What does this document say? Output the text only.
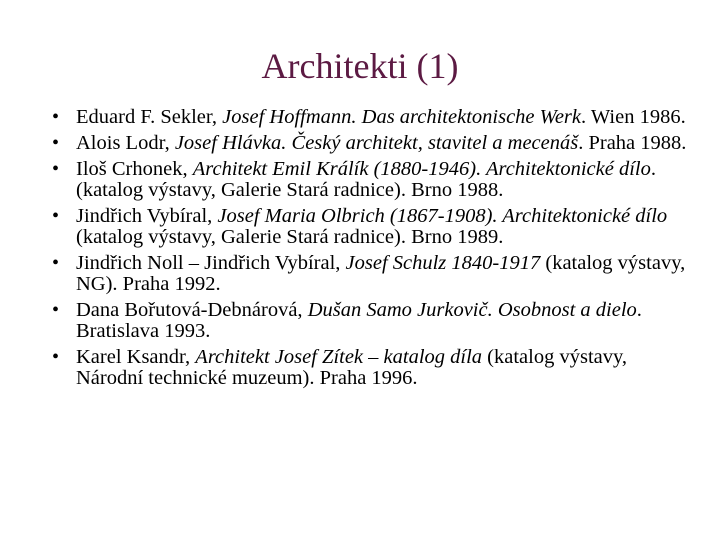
Architekti (1)
• Eduard F. Sekler, Josef Hoffmann. Das architektonische Werk. Wien 1986.
• Alois Lodr, Josef Hlávka. Český architekt, stavitel a mecenáš. Praha 1988.
• Iloš Crhonek, Architekt Emil Králík (1880-1946). Architektonické dílo. (katalog výstavy, Galerie Stará radnice). Brno 1988.
• Jindřich Vybíral, Josef Maria Olbrich (1867-1908). Architektonické dílo (katalog výstavy, Galerie Stará radnice). Brno 1989.
• Jindřich Noll – Jindřich Vybíral, Josef Schulz 1840-1917 (katalog výstavy, NG). Praha 1992.
• Dana Bořutová-Debnárová, Dušan Samo Jurkovič. Osobnost a dielo. Bratislava 1993.
• Karel Ksandr, Architekt Josef Zítek – katalog díla (katalog výstavy, Národní technické muzeum). Praha 1996.
